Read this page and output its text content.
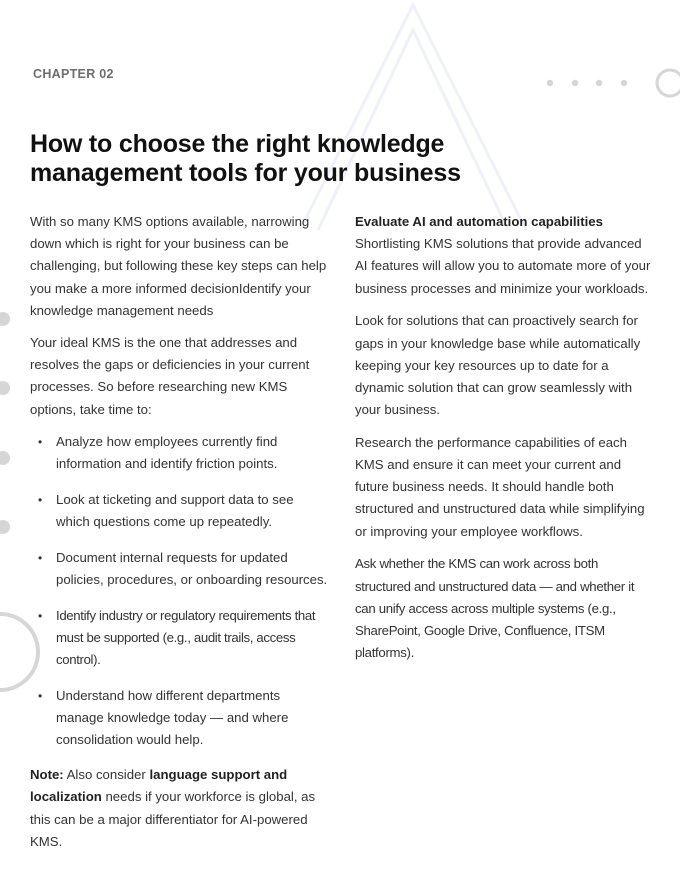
CHAPTER 02
How to choose the right knowledge
management tools for your business

With so many KMS options available, narrowing down which is right for your business can be challenging, but following these key steps can help you make a more informed decisionIdentify your knowledge management needs

Your ideal KMS is the one that addresses and resolves the gaps or deficiencies in your current processes. So before researching new KMS options, take time to:

• Analyze how employees currently find information and identify friction points.
• Look at ticketing and support data to see which questions come up repeatedly.
• Document internal requests for updated policies, procedures, or onboarding resources.
• Identify industry or regulatory requirements that must be supported (e.g., audit trails, access control).
• Understand how different departments manage knowledge today — and where consolidation would help.

Note: Also consider language support and localization needs if your workforce is global, as this can be a major differentiator for AI-powered KMS.

Evaluate AI and automation capabilities
Shortlisting KMS solutions that provide advanced AI features will allow you to automate more of your business processes and minimize your workloads.

Look for solutions that can proactively search for gaps in your knowledge base while automatically keeping your key resources up to date for a dynamic solution that can grow seamlessly with your business.

Research the performance capabilities of each KMS and ensure it can meet your current and future business needs. It should handle both structured and unstructured data while simplifying or improving your employee workflows.

Ask whether the KMS can work across both structured and unstructured data — and whether it can unify access across multiple systems (e.g., SharePoint, Google Drive, Confluence, ITSM platforms).
